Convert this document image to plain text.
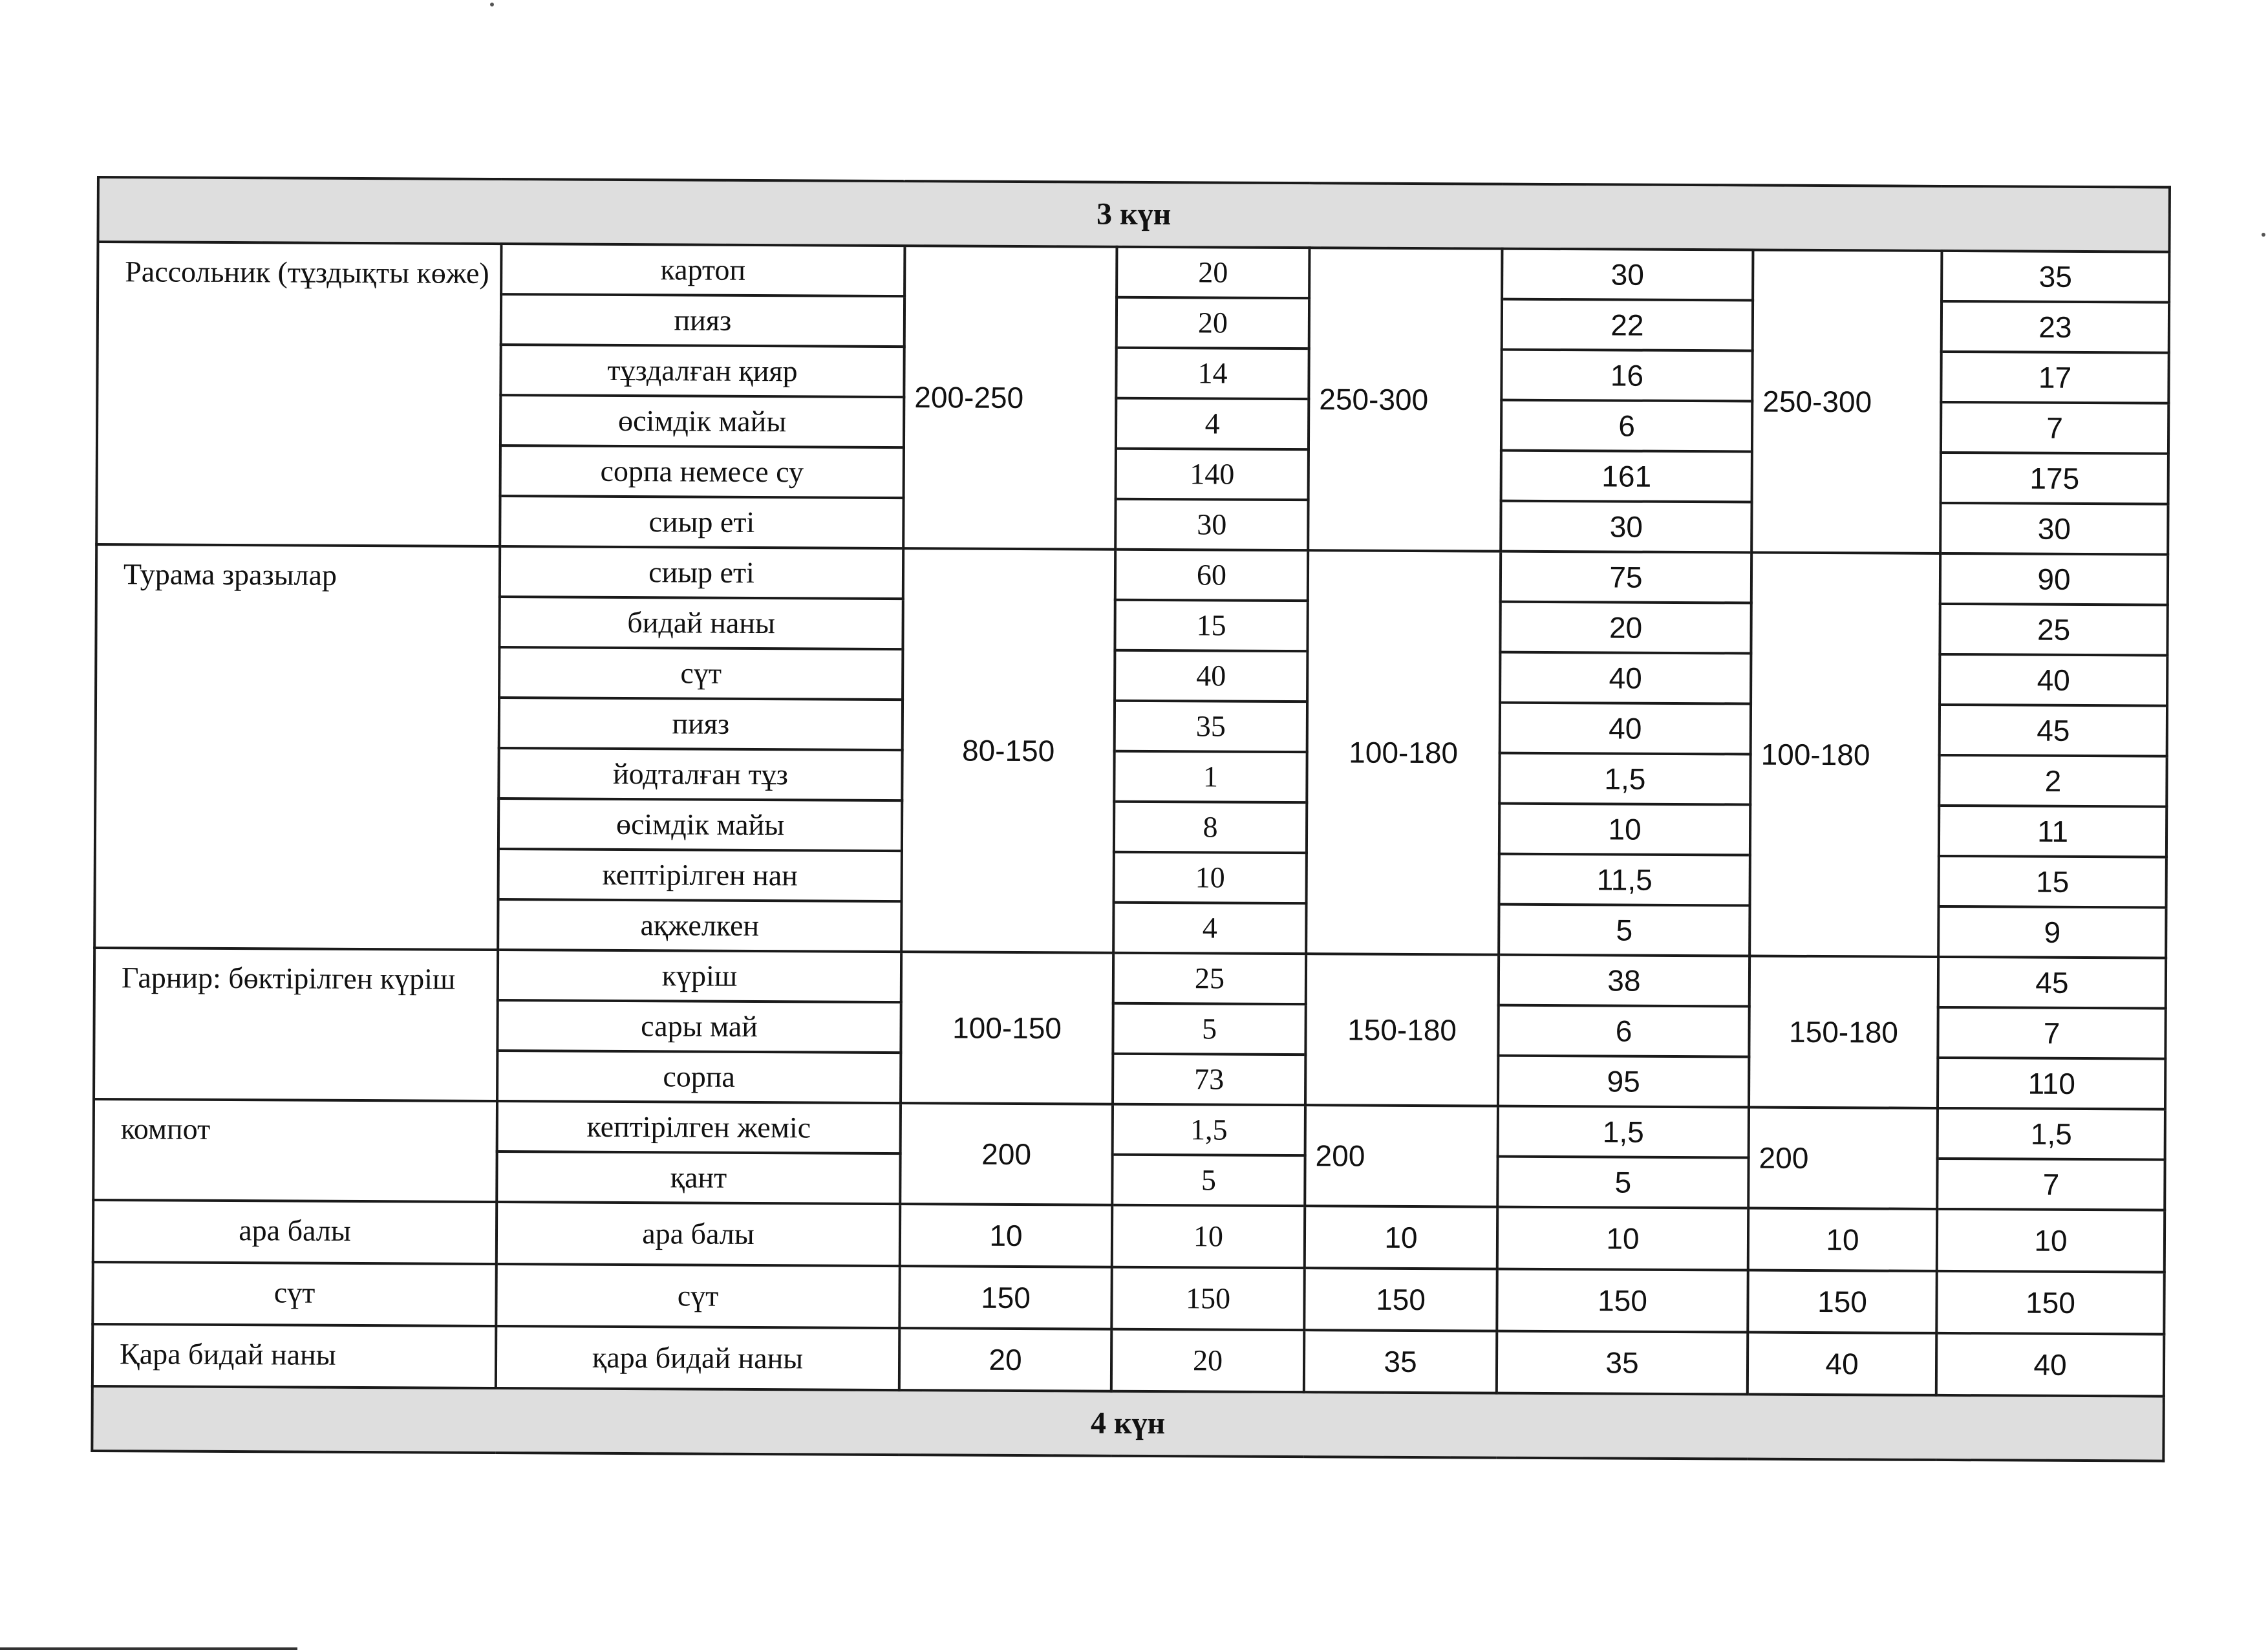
3 күн							
Рассольник (тұздықты көже)	картоп	200-250	20	250-300	30	250-300	35
	пияз		20		22		23
	тұздалған қияр		14		16		17
	өсімдік майы		4		6		7
	сорпа немесе су		140		161		175
	сиыр еті		30		30		30
Турама зразылар	сиыр еті	80-150	60	100-180	75	100-180	90
	бидай наны		15		20		25
	сүт		40		40		40
	пияз		35		40		45
	йодталған тұз		1		1,5		2
	өсімдік майы		8		10		11
	кептірілген нан		10		11,5		15
	ақжелкен		4		5		9
Гарнир: бөктірілген күріш	күріш	100-150	25	150-180	38	150-180	45
	сары май		5		6		7
	сорпа		73		95		110
компот	кептірілген жеміс	200	1,5	200	1,5	200	1,5
	қант		5		5		7
ара балы	ара балы	10	10	10	10	10	10
сүт	сүт	150	150	150	150	150	150
Қара бидай наны	қара бидай наны	20	20	35	35	40	40
4 күн							
